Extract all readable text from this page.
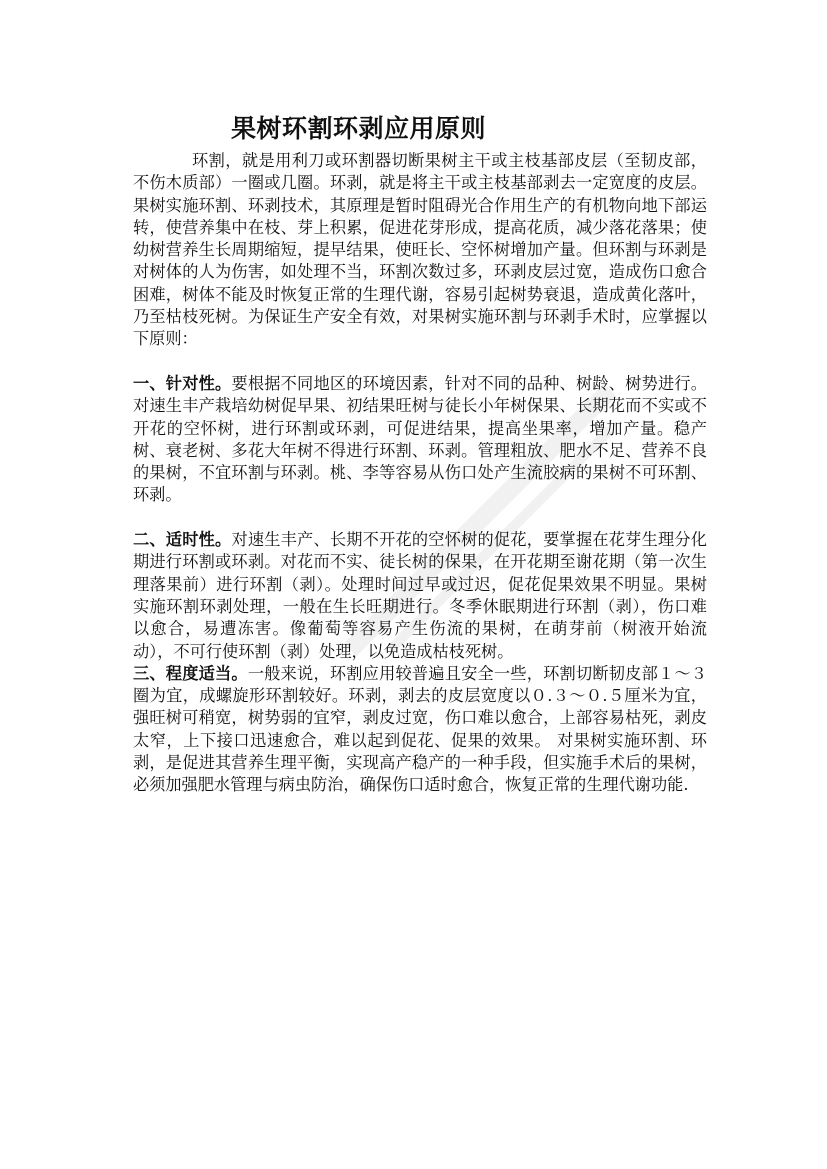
果树环割环剥应用原则

环割，就是用利刀或环割器切断果树主干或主枝基部皮层（至韧皮部，不伤木质部）一圈或几圈。环剥，就是将主干或主枝基部剥去一定宽度的皮层。果树实施环割、环剥技术，其原理是暂时阻碍光合作用生产的有机物向地下部运转，使营养集中在枝、芽上积累，促进花芽形成，提高花质，减少落花落果；使幼树营养生长周期缩短，提早结果，使旺长、空怀树增加产量。但环割与环剥是对树体的人为伤害，如处理不当，环割次数过多，环剥皮层过宽，造成伤口愈合困难，树体不能及时恢复正常的生理代谢，容易引起树势衰退，造成黄化落叶，乃至枯枝死树。为保证生产安全有效，对果树实施环割与环剥手术时，应掌握以下原则：

一、针对性。要根据不同地区的环境因素，针对不同的品种、树龄、树势进行。对速生丰产栽培幼树促早果、初结果旺树与徒长小年树保果、长期花而不实或不开花的空怀树，进行环割或环剥，可促进结果，提高坐果率，增加产量。稳产树、衰老树、多花大年树不得进行环割、环剥。管理粗放、肥水不足、营养不良的果树，不宜环割与环剥。桃、李等容易从伤口处产生流胶病的果树不可环割、环剥。

二、适时性。对速生丰产、长期不开花的空怀树的促花，要掌握在花芽生理分化期进行环割或环剥。对花而不实、徒长树的保果，在开花期至谢花期（第一次生理落果前）进行环割（剥）。处理时间过早或过迟，促花促果效果不明显。果树实施环割环剥处理，一般在生长旺期进行。冬季休眠期进行环割（剥），伤口难以愈合，易遭冻害。像葡萄等容易产生伤流的果树，在萌芽前（树液开始流动），不可行使环割（剥）处理，以免造成枯枝死树。

三、程度适当。一般来说，环割应用较普遍且安全一些，环割切断韧皮部１～３圈为宜，成螺旋形环割较好。环剥，剥去的皮层宽度以０.３～０.５厘米为宜，强旺树可稍宽，树势弱的宜窄，剥皮过宽，伤口难以愈合，上部容易枯死，剥皮太窄，上下接口迅速愈合，难以起到促花、促果的效果。 对果树实施环割、环剥，是促进其营养生理平衡，实现高产稳产的一种手段，但实施手术后的果树，必须加强肥水管理与病虫防治，确保伤口适时愈合，恢复正常的生理代谢功能.
